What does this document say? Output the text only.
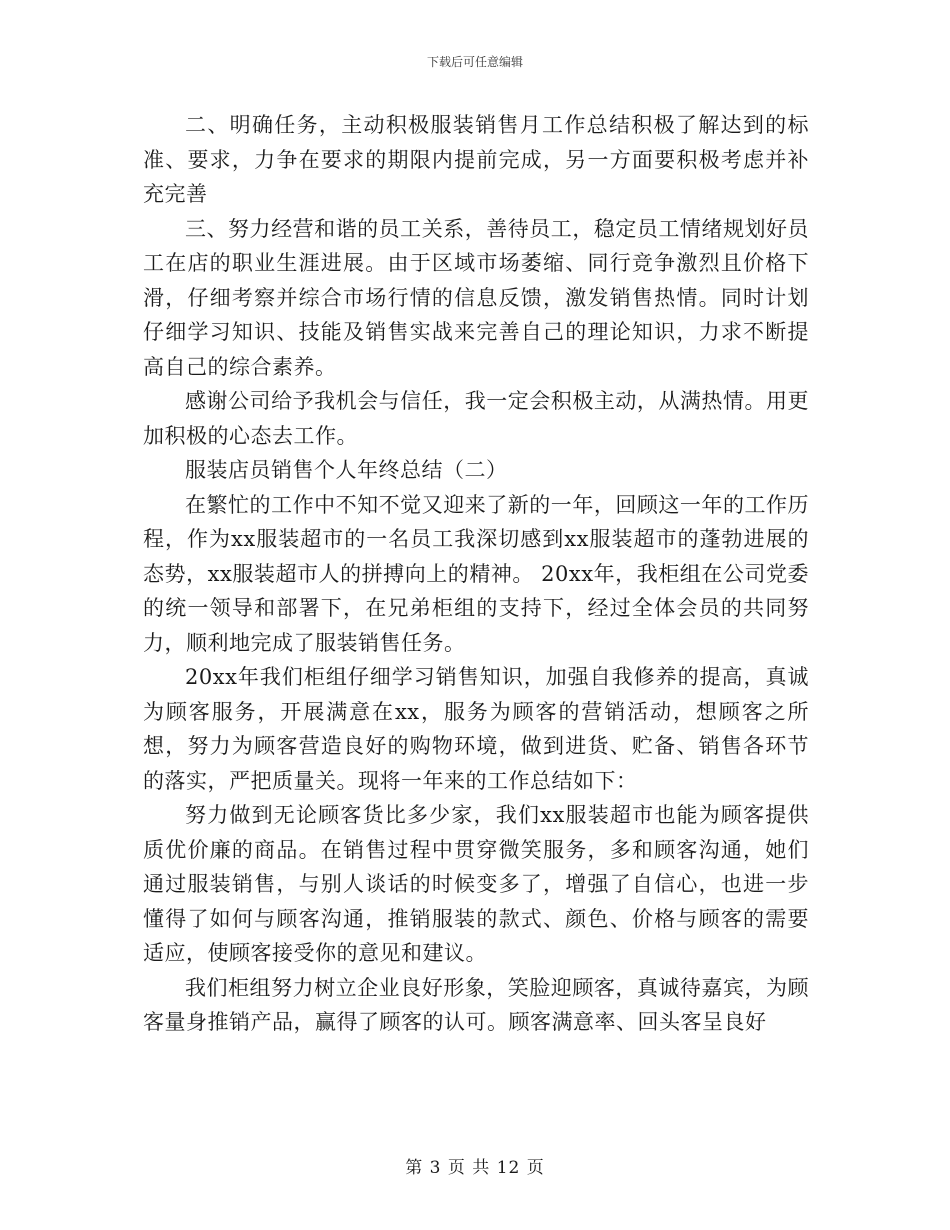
下载后可任意编辑

二、明确任务，主动积极服装销售月工作总结积极了解达到的标准、要求，力争在要求的期限内提前完成，另一方面要积极考虑并补充完善

三、努力经营和谐的员工关系，善待员工，稳定员工情绪规划好员工在店的职业生涯进展。由于区域市场萎缩、同行竞争激烈且价格下滑，仔细考察并综合市场行情的信息反馈，激发销售热情。同时计划仔细学习知识、技能及销售实战来完善自己的理论知识，力求不断提高自己的综合素养。

感谢公司给予我机会与信任，我一定会积极主动，从满热情。用更加积极的心态去工作。

服装店员销售个人年终总结（二）

在繁忙的工作中不知不觉又迎来了新的一年，回顾这一年的工作历程，作为xx服装超市的一名员工我深切感到xx服装超市的蓬勃进展的态势，xx服装超市人的拼搏向上的精神。 20xx年，我柜组在公司党委的统一领导和部署下，在兄弟柜组的支持下，经过全体会员的共同努力，顺利地完成了服装销售任务。

20xx年我们柜组仔细学习销售知识，加强自我修养的提高，真诚为顾客服务，开展满意在xx，服务为顾客的营销活动，想顾客之所想，努力为顾客营造良好的购物环境，做到进货、贮备、销售各环节的落实，严把质量关。现将一年来的工作总结如下：

努力做到无论顾客货比多少家，我们xx服装超市也能为顾客提供质优价廉的商品。在销售过程中贯穿微笑服务，多和顾客沟通，她们通过服装销售，与别人谈话的时候变多了，增强了自信心，也进一步懂得了如何与顾客沟通，推销服装的款式、颜色、价格与顾客的需要适应，使顾客接受你的意见和建议。

我们柜组努力树立企业良好形象，笑脸迎顾客，真诚待嘉宾，为顾客量身推销产品，赢得了顾客的认可。顾客满意率、回头客呈良好

第 3 页 共 12 页
